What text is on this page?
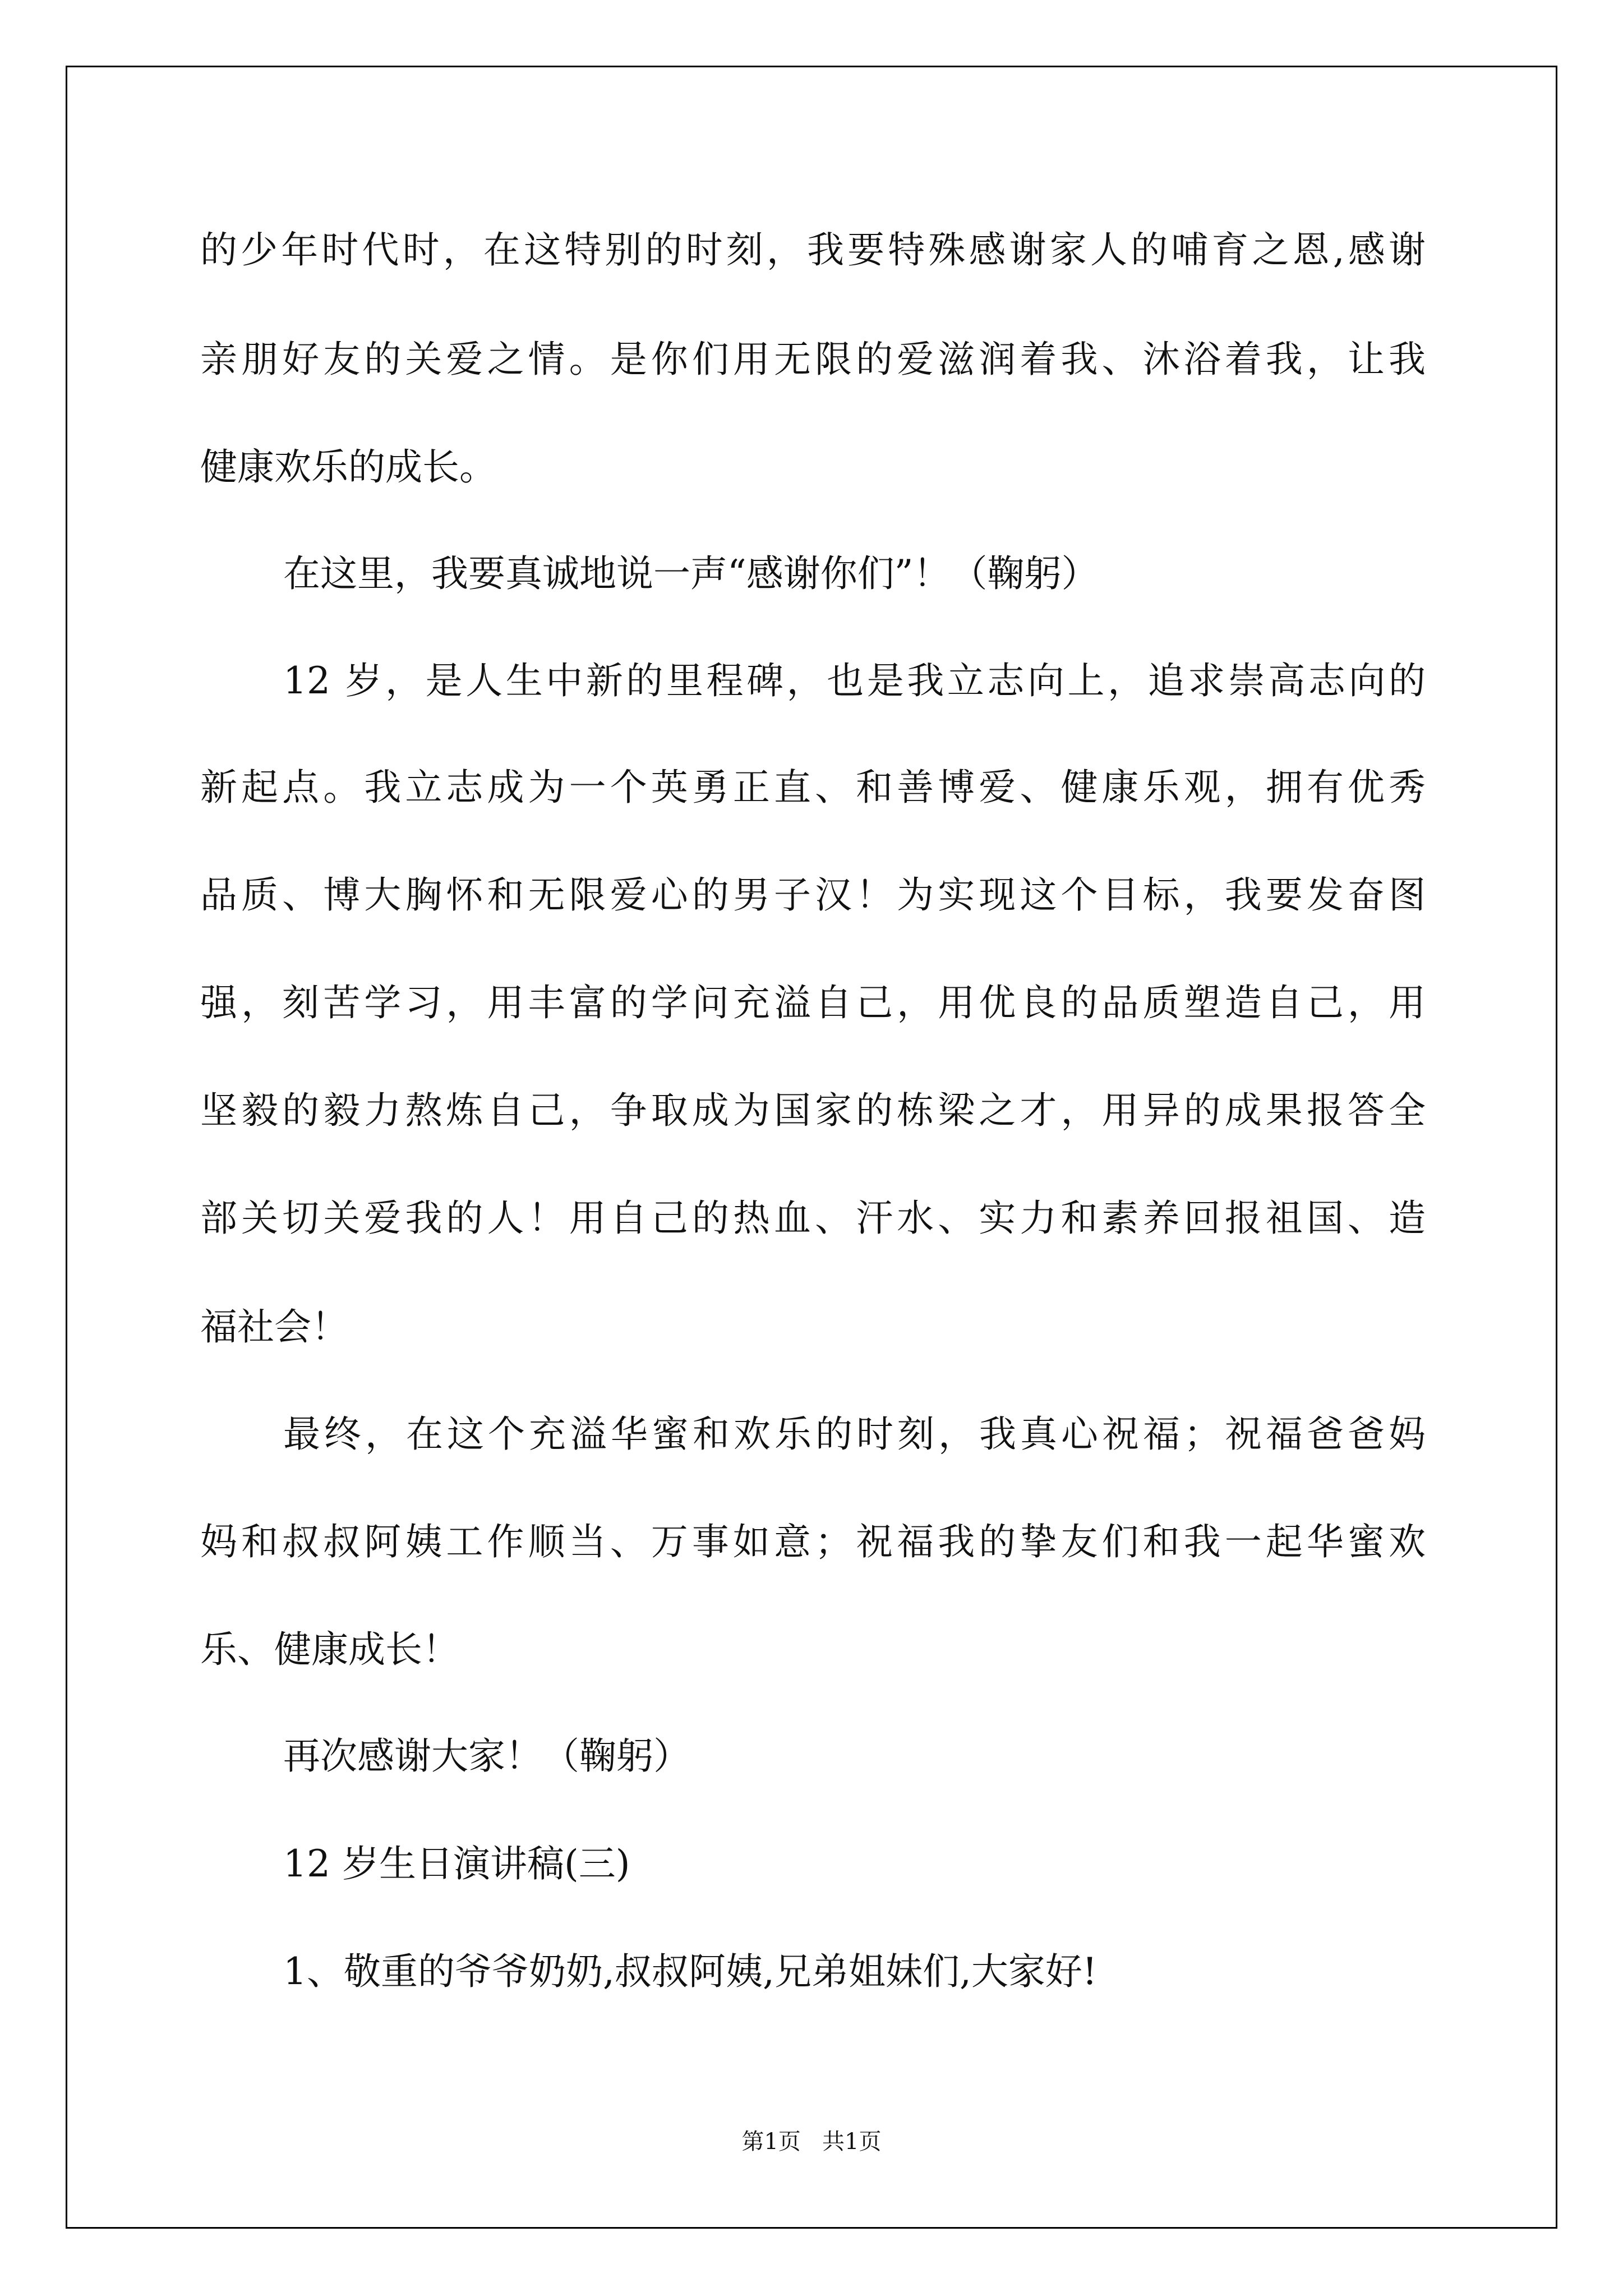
的少年时代时，在这特别的时刻，我要特殊感谢家人的哺育之恩,感谢
亲朋好友的关爱之情。是你们用无限的爱滋润着我、沐浴着我，让我
健康欢乐的成长。
在这里，我要真诚地说一声“感谢你们”！（鞠躬）
12 岁，是人生中新的里程碑，也是我立志向上，追求崇高志向的
新起点。我立志成为一个英勇正直、和善博爱、健康乐观，拥有优秀
品质、博大胸怀和无限爱心的男子汉！为实现这个目标，我要发奋图
强，刻苦学习，用丰富的学问充溢自己，用优良的品质塑造自己，用
坚毅的毅力熬炼自己，争取成为国家的栋梁之才，用异的成果报答全
部关切关爱我的人！用自己的热血、汗水、实力和素养回报祖国、造
福社会！
最终，在这个充溢华蜜和欢乐的时刻，我真心祝福；祝福爸爸妈
妈和叔叔阿姨工作顺当、万事如意；祝福我的挚友们和我一起华蜜欢
乐、健康成长！
再次感谢大家！（鞠躬）
12 岁生日演讲稿(三)
1、敬重的爷爷奶奶,叔叔阿姨,兄弟姐妹们,大家好!
第1页   共1页
